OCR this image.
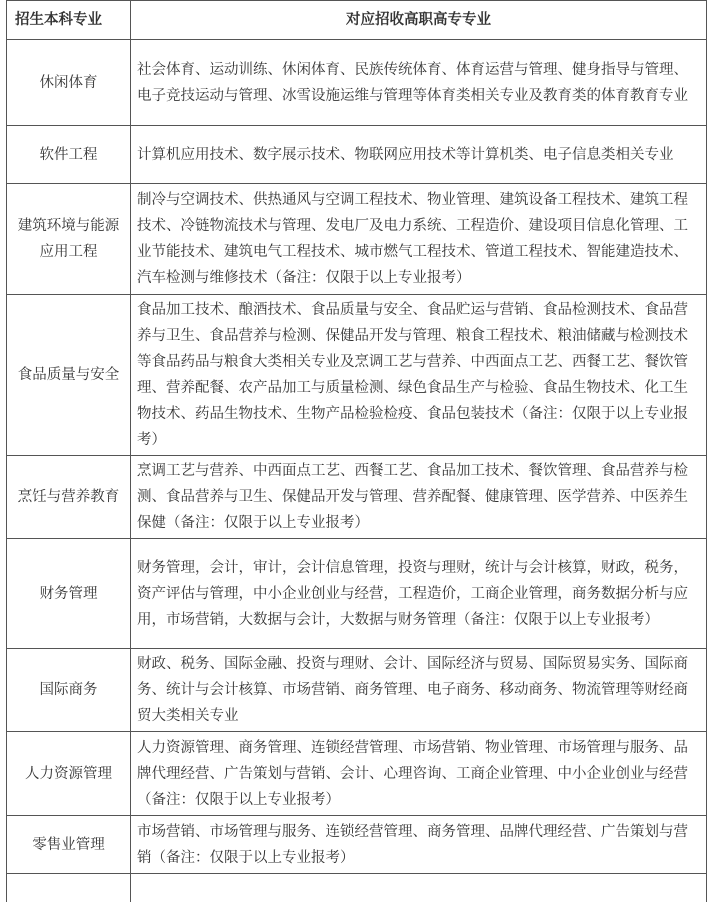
招生本科专业	对应招收高职高专专业
休闲体育	社会体育、运动训练、休闲体育、民族传统体育、体育运营与管理、健身指导与管理、电子竞技运动与管理、冰雪设施运维与管理等体育类相关专业及教育类的体育教育专业
软件工程	计算机应用技术、数字展示技术、物联网应用技术等计算机类、电子信息类相关专业
建筑环境与能源应用工程	制冷与空调技术、供热通风与空调工程技术、物业管理、建筑设备工程技术、建筑工程技术、冷链物流技术与管理、发电厂及电力系统、工程造价、建设项目信息化管理、工业节能技术、建筑电气工程技术、城市燃气工程技术、管道工程技术、智能建造技术、汽车检测与维修技术（备注：仅限于以上专业报考）
食品质量与安全	食品加工技术、酿酒技术、食品质量与安全、食品贮运与营销、食品检测技术、食品营养与卫生、食品营养与检测、保健品开发与管理、粮食工程技术、粮油储藏与检测技术等食品药品与粮食大类相关专业及烹调工艺与营养、中西面点工艺、西餐工艺、餐饮管理、营养配餐、农产品加工与质量检测、绿色食品生产与检验、食品生物技术、化工生物技术、药品生物技术、生物产品检验检疫、食品包装技术（备注：仅限于以上专业报考）
烹饪与营养教育	烹调工艺与营养、中西面点工艺、西餐工艺、食品加工技术、餐饮管理、食品营养与检测、食品营养与卫生、保健品开发与管理、营养配餐、健康管理、医学营养、中医养生保健（备注：仅限于以上专业报考）
财务管理	财务管理，会计，审计，会计信息管理，投资与理财，统计与会计核算，财政，税务，资产评估与管理，中小企业创业与经营，工程造价，工商企业管理，商务数据分析与应用，市场营销，大数据与会计，大数据与财务管理（备注：仅限于以上专业报考）
国际商务	财政、税务、国际金融、投资与理财、会计、国际经济与贸易、国际贸易实务、国际商务、统计与会计核算、市场营销、商务管理、电子商务、移动商务、物流管理等财经商贸大类相关专业
人力资源管理	人力资源管理、商务管理、连锁经营管理、市场营销、物业管理、市场管理与服务、品牌代理经营、广告策划与营销、会计、心理咨询、工商企业管理、中小企业创业与经营（备注：仅限于以上专业报考）
零售业管理	市场营销、市场管理与服务、连锁经营管理、商务管理、品牌代理经营、广告策划与营销（备注：仅限于以上专业报考）
